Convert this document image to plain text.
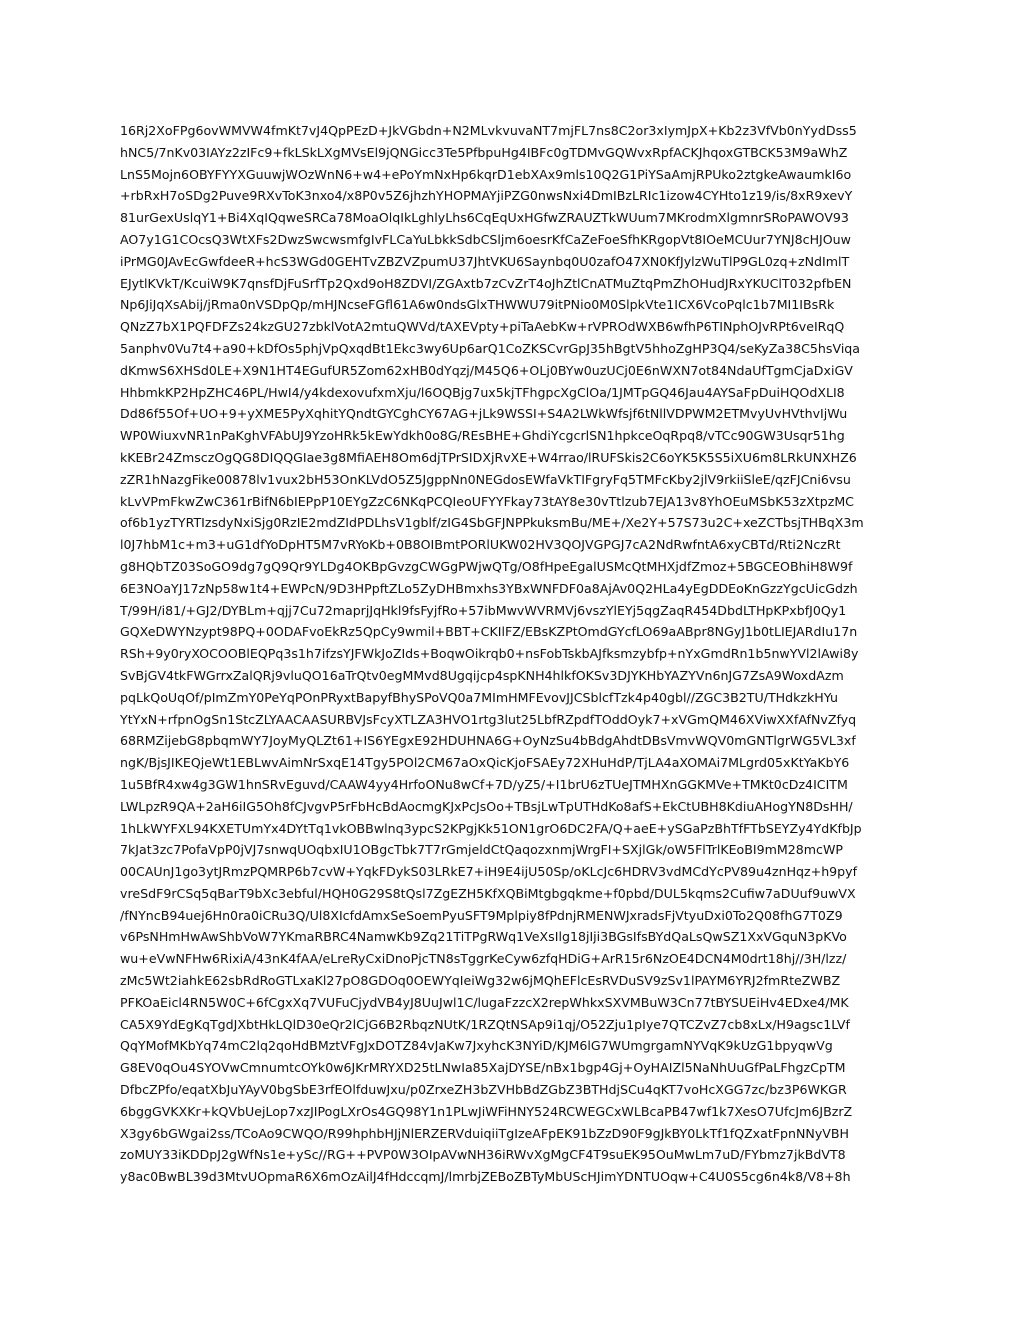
16Rj2XoFPg6ovWMVW4fmKt7vJ4QpPEzD+JkVGbdn+N2MLvkvuvaNT7mjFL7ns8C2or3xIymJpX+Kb2z3VfVb0nYydDss5
hNC5/7nKv03IAYz2zIFc9+fkLSkLXgMVsEl9jQNGicc3Te5PfbpuHg4IBFc0gTDMvGQWvxRpfACKJhqoxGTBCK53M9aWhZ
LnS5Mojn6OBYFYYXGuuwjWOzWnN6+w4+ePoYmNxHp6kqrD1ebXAx9mls10Q2G1PiYSaAmjRPUko2ztgkeAwaumkI6o
+rbRxH7oSDg2Puve9RXvToK3nxo4/x8P0v5Z6jhzhYHOPMAYjiPZG0nwsNxi4DmIBzLRIc1izow4CYHto1z19/is/8xR9xevY
81urGexUslqY1+Bi4XqIQqweSRCa78MoaOlqIkLghlyLhs6CqEqUxHGfwZRAUZTkWUum7MKrodmXlgmnrSRoPAWOV93
AO7y1G1COcsQ3WtXFs2DwzSwcwsmfgIvFLCaYuLbkkSdbCSljm6oesrKfCaZeFoeSfhKRgopVt8IOeMCUur7YNJ8cHJOuw
iPrMG0JAvEcGwfdeeR+hcS3WGd0GEHTvZBZVZpumU37JhtVKU6Saynbq0U0zafO47XN0KfJylzWuTlP9GL0zq+zNdImlT
EJytlKVkT/KcuiW9K7qnsfDjFuSrfTp2Qxd9oH8ZDVI/ZGAxtb7zCvZrT4oJhZtlCnATMuZtqPmZhOHudJRxYKUClT032pfbEN
Np6JiJqXsAbij/jRma0nVSDpQp/mHJNcseFGfl61A6w0ndsGlxTHWWU79itPNio0M0SlpkVte1ICX6VcoPqlc1b7MI1IBsRk
QNzZ7bX1PQFDFZs24kzGU27zbklVotA2mtuQWVd/tAXEVpty+piTaAebKw+rVPROdWXB6wfhP6TINphOJvRPt6veIRqQ
5anphv0Vu7t4+a90+kDfOs5phjVpQxqdBt1Ekc3wy6Up6arQ1CoZKSCvrGpJ35hBgtV5hhoZgHP3Q4/seKyZa38C5hsViqa
dKmwS6XHSd0LE+X9N1HT4EGufUR5Zom62xHB0dYqzj/M45Q6+OLj0BYw0uzUCj0E6nWXN7ot84NdaUfTgmCjaDxiGV
HhbmkKP2HpZHC46PL/HwI4/y4kdexovufxmXju/l6OQBjg7ux5kjTFhgpcXgClOa/1JMTpGQ46Jau4AYSaFpDuiHQOdXLI8
Dd86f55Of+UO+9+yXME5PyXqhitYQndtGYCghCY67AG+jLk9WSSI+S4A2LWkWfsjf6tNllVDPWM2ETMvyUvHVthvIjWu
WP0WiuxvNR1nPaKghVFAbUJ9YzoHRk5kEwYdkh0o8G/REsBHE+GhdiYcgcrlSN1hpkceOqRpq8/vTCc90GW3Usqr51hg
kKEBr24ZmsczOgQG8DIQQGIae3g8MfiAEH8Om6djTPrSIDXjRvXE+W4rrao/lRUFSkis2C6oYK5K5S5iXU6m8LRkUNXHZ6
zZR1hNazgFike00878lv1vux2bH53OnKLVdO5Z5JgppNn0NEGdosEWfaVkTIFgryFq5TMFcKby2jlV9rkiiSleE/qzFJCni6vsu
kLvVPmFkwZwC361rBifN6bIEPpP10EYgZzC6NKqPCQIeoUFYYFkay73tAY8e30vTtlzub7EJA13v8YhOEuMSbK53zXtpzMC
of6b1yzTYRTIzsdyNxiSjg0RzIE2mdZIdPDLhsV1gblf/zIG4SbGFJNPPkuksmBu/ME+/Xe2Y+57S73u2C+xeZCTbsjTHBqX3m
l0J7hbM1c+m3+uG1dfYoDpHT5M7vRYoKb+0B8OIBmtPORlUKW02HV3QOJVGPGJ7cA2NdRwfntA6xyCBTd/Rti2NczRt
g8HQbTZ03SoGO9dg7gQ9Qr9YLDg4OKBpGvzgCWGgPWjwQTg/O8fHpeEgalUSMcQtMHXjdfZmoz+5BGCEOBhiH8W9f
6E3NOaYJ17zNp58w1t4+EWPcN/9D3HPpftZLo5ZyDHBmxhs3YBxWNFDF0a8AjAv0Q2HLa4yEgDDEoKnGzzYgcUicGdzh
T/99H/i81/+GJ2/DYBLm+qjj7Cu72maprjJqHkl9fsFyjfRo+57ibMwvWVRMVj6vszYlEYj5qgZaqR454DbdLTHpKPxbfJ0Qy1
GQXeDWYNzypt98PQ+0ODAFvoEkRz5QpCy9wmil+BBT+CKIlFZ/EBsKZPtOmdGYcfLO69aABpr8NGyJ1b0tLIEJARdIu17n
RSh+9y0ryXOCOOBlEQPq3s1h7ifzsYJFWkJoZIds+BoqwOikrqb0+nsFobTskbAJfksmzybfp+nYxGmdRn1b5nwYVl2lAwi8y
SvBjGV4tkFWGrrxZalQRj9vluQO16aTrQtv0egMMvd8Ugqijcp4spKNH4hlkfOKSv3DJYKHbYAZYVn6nJG7ZsA9WoxdAzm
pqLkQoUqOf/pImZmY0PeYqPOnPRyxtBapyfBhySPoVQ0a7MImHMFEvovJJCSblcfTzk4p40gbl//ZGC3B2TU/THdkzkHYu
YtYxN+rfpnOgSn1StcZLYAACAASURBVJsFcyXTLZA3HVO1rtg3lut25LbfRZpdfTOddOyk7+xVGmQM46XViwXXfAfNvZfyq
68RMZijebG8pbqmWY7JoyMyQLZt61+IS6YEgxE92HDUHNA6G+OyNzSu4bBdgAhdtDBsVmvWQV0mGNTlgrWG5VL3xf
ngK/BjsJIKEQjeWt1EBLwvAimNrSxqE14Tgy5POl2CM67aOxQicKjoFSAEy72XHuHdP/TjLA4aXOMAi7MLgrd05xKtYaKbY6
1u5BfR4xw4g3GW1hnSRvEguvd/CAAW4yy4HrfoONu8wCf+7D/yZ5/+I1brU6zTUeJTMHXnGGKMVe+TMKt0cDz4ICITM
LWLpzR9QA+2aH6iIG5Oh8fCJvgvP5rFbHcBdAocmgKJxPcJsOo+TBsjLwTpUTHdKo8afS+EkCtUBH8KdiuAHogYN8DsHH/
1hLkWYFXL94KXETUmYx4DYtTq1vkOBBwlnq3ypcS2KPgjKk51ON1grO6DC2FA/Q+aeE+ySGaPzBhTfFTbSEYZy4YdKfbJp
7kJat3zc7PofaVpP0jVJ7snwqUOqbxIU1OBgcTbk7T7rGmjeldCtQaqozxnmjWrgFI+SXjlGk/oW5FlTrlKEoBI9mM28mcWP
00CAUnJ1go3ytJRmzPQMRP6b7cvW+YqkFDykS03LRkE7+iH9E4ijU50Sp/oKLcJc6HDRV3vdMCdYcPV89u4znHqz+h9pyf
vreSdF9rCSq5qBarT9bXc3ebful/HQH0G29S8tQsl7ZgEZH5KfXQBiMtgbgqkme+f0pbd/DUL5kqms2Cufiw7aDUuf9uwVX
/fNYncB94uej6Hn0ra0iCRu3Q/Ul8XIcfdAmxSeSoemPyuSFT9Mplpiy8fPdnjRMENWJxradsFjVtyuDxi0To2Q08fhG7T0Z9
v6PsNHmHwAwShbVoW7YKmaRBRC4NamwKb9Zq21TiTPgRWq1VeXsIlg18jIji3BGsIfsBYdQaLsQwSZ1XxVGquN3pKVo
wu+eVwNFHw6RixiA/43nK4fAA/eLreRyCxiDnoPjcTN8sTggrKeCyw6zfqHDiG+ArR15r6NzOE4DCN4M0drt18hj//3H/lzz/
zMc5Wt2iahkE62sbRdRoGTLxaKl27pO8GDOq0OEWYqIeiWg32w6jMQhEFlcEsRVDuSV9zSv1lPAYM6YRJ2fmRteZWBZ
PFKOaEicl4RN5W0C+6fCgxXq7VUFuCjydVB4yJ8UuJwl1C/lugaFzzcX2repWhkxSXVMBuW3Cn77tBYSUEiHv4EDxe4/MK
CA5X9YdEgKqTgdJXbtHkLQlD30eQr2lCjG6B2RbqzNUtK/1RZQtNSAp9i1qj/O52Zju1pIye7QTCZvZ7cb8xLx/H9agsc1LVf
QqYMofMKbYq74mC2lq2qoHdBMztVFgJxDOTZ84vJaKw7JxyhcK3NYiD/KJM6lG7WUmgrgamNYVqK9kUzG1bpyqwVg
G8EV0qOu4SYOVwCmnumtcOYk0w6JKrMRYXD25tLNwIa85XajDYSE/nBx1bgp4Gj+OyHAIZl5NaNhUuGfPaLFhgzCpTM
DfbcZPfo/eqatXbJuYAyV0bgSbE3rfEOlfduwJxu/p0ZrxeZH3bZVHbBdZGbZ3BTHdjSCu4qKT7voHcXGG7zc/bz3P6WKGR
6bggGVKXKr+kQVbUejLop7xzJIPogLXrOs4GQ98Y1n1PLwJiWFiHNY524RCWEGCxWLBcaPB47wf1k7XesO7UfcJm6JBzrZ
X3gy6bGWgai2ss/TCoAo9CWQO/R99hphbHJjNlERZERVduiqiiTgIzeAFpEK91bZzD90F9gJkBY0LkTf1fQZxatFpnNNyVBH
zoMUY33iKDDpJ2gWfNs1e+ySc//RG++PVP0W3OIpAVwNH36iRWvXgMgCF4T9suEK95OuMwLm7uD/FYbmz7jkBdVT8
y8ac0BwBL39d3MtvUOpmaR6X6mOzAilJ4fHdccqmJ/lmrbjZEBoZBTyMbUScHJimYDNTUOqw+C4U0S5cg6n4k8/V8+8h
